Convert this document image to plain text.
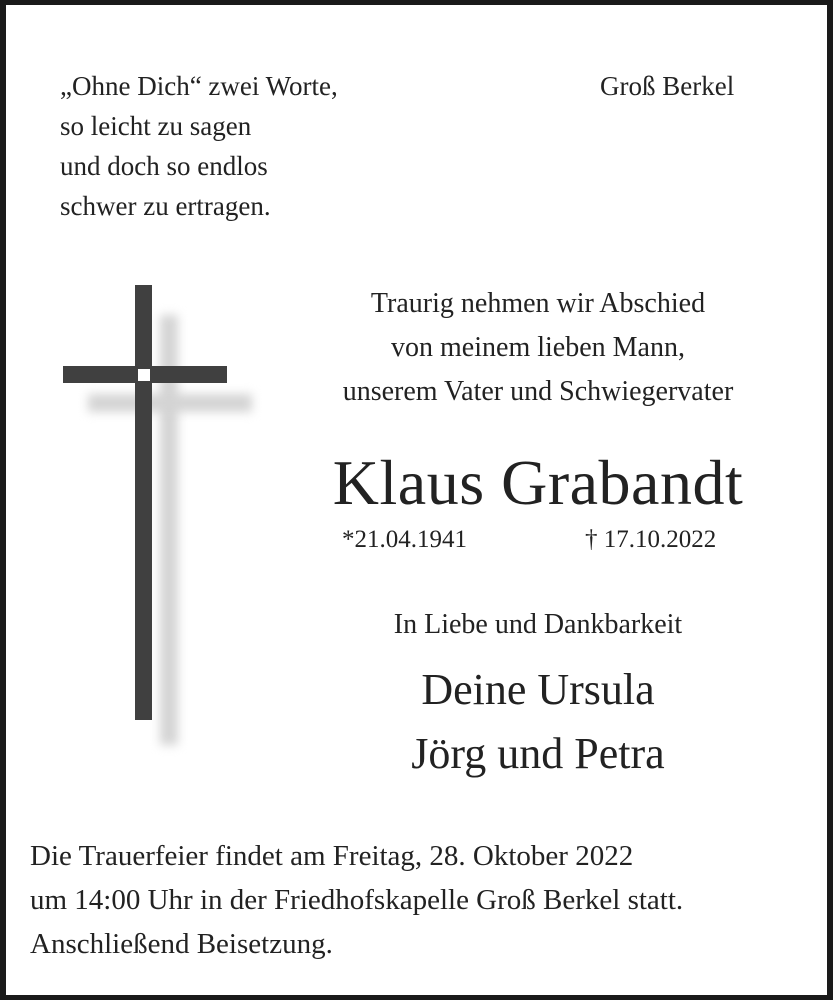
„Ohne Dich“ zwei Worte,
so leicht zu sagen
und doch so endlos
schwer zu ertragen.
Groß Berkel
Traurig nehmen wir Abschied
von meinem lieben Mann,
unserem Vater und Schwiegervater
Klaus Grabandt
*21.04.1941	† 17.10.2022
In Liebe und Dankbarkeit
Deine Ursula
Jörg und Petra
Die Trauerfeier findet am Freitag, 28. Oktober 2022
um 14:00 Uhr in der Friedhofskapelle Groß Berkel statt.
Anschließend Beisetzung.
